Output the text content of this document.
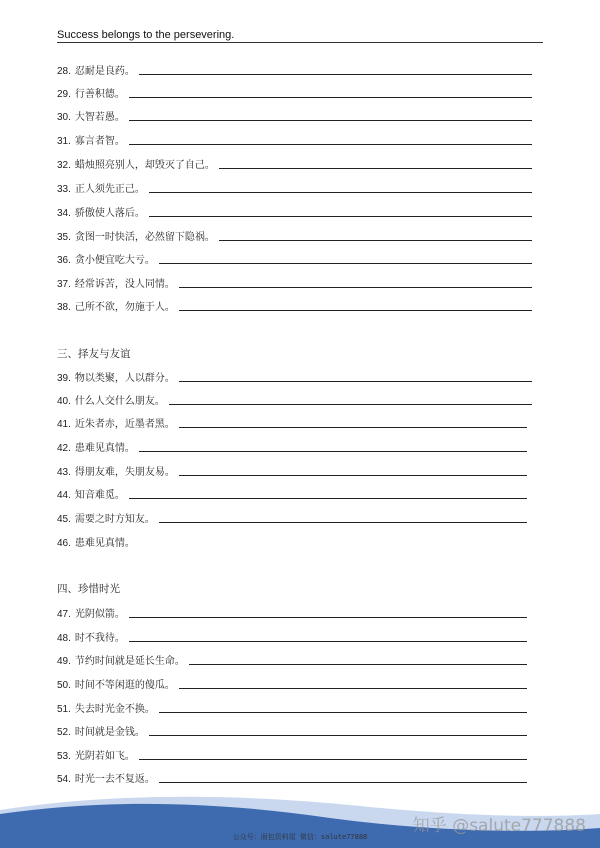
Success belongs to the persevering.
28. 忍耐是良药。
29. 行善积德。
30. 大智若愚。
31. 寡言者智。
32. 蜡烛照亮别人，却毁灭了自己。
33. 正人须先正己。
34. 骄傲使人落后。
35. 贪图一时快活，必然留下隐祸。
36. 贪小便宜吃大亏。
37. 经常诉苦，没人同情。
38. 己所不欲，勿施于人。
三、择友与友谊
39. 物以类聚，人以群分。
40. 什么人交什么朋友。
41. 近朱者赤，近墨者黑。
42. 患难见真情。
43. 得朋友难，失朋友易。
44. 知音难觅。
45. 需要之时方知友。
46. 患难见真情。
四、珍惜时光
47. 光阴似箭。
48. 时不我待。
49. 节约时间就是延长生命。
50. 时间不等闲逛的傻瓜。
51. 失去时光金不换。
52. 时间就是金钱。
53. 光阴若如飞。
54. 时光一去不复返。
公众号：面包资料屋 微信：salute77888
知乎 @salute777888
